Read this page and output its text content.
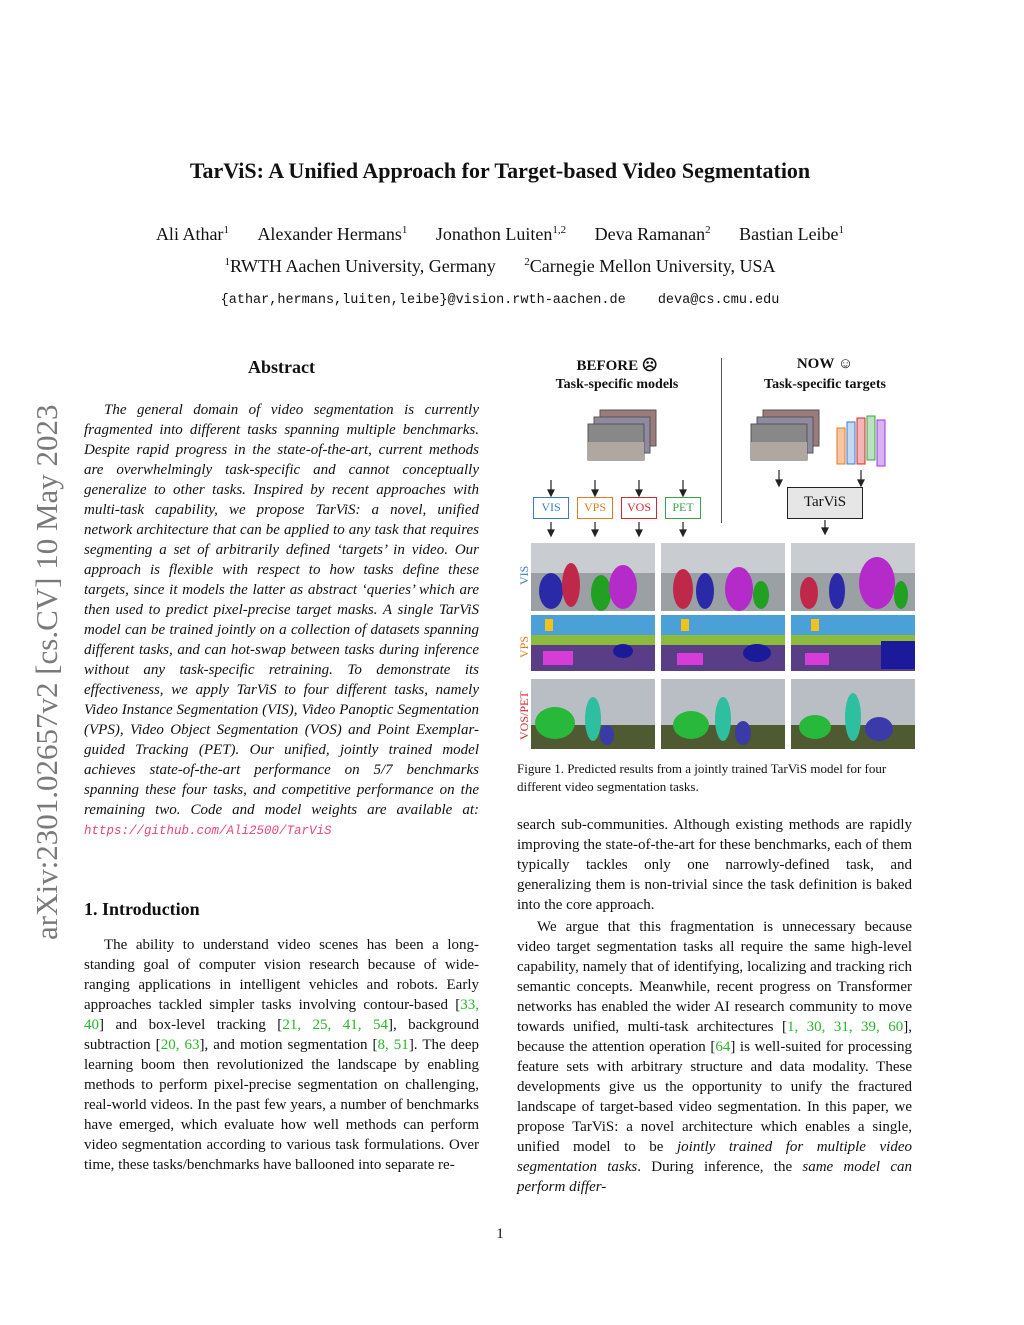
TarViS: A Unified Approach for Target-based Video Segmentation
Ali Athar$^1$ Alexander Hermans$^1$ Jonathon Luiten$^{1,2}$ Deva Ramanan$^2$ Bastian Leibe$^1$
$^1$RWTH Aachen University, Germany	$^2$Carnegie Mellon University, USA
{athar,hermans,luiten,leibe}@vision.rwth-aachen.de deva@cs.cmu.edu
arXiv:2301.02657v2 [cs.CV] 10 May 2023
Abstract
The general domain of video segmentation is currently fragmented into different tasks spanning multiple benchmarks. Despite rapid progress in the state-of-the-art, current methods are overwhelmingly task-specific and cannot conceptually generalize to other tasks. Inspired by recent approaches with multi-task capability, we propose TarViS: a novel, unified network architecture that can be applied to any task that requires segmenting a set of arbitrarily defined ‘targets’ in video. Our approach is flexible with respect to how tasks define these targets, since it models the latter as abstract ‘queries’ which are then used to predict pixel-precise target masks. A single TarViS model can be trained jointly on a collection of datasets spanning different tasks, and can hot-swap between tasks during inference without any task-specific retraining. To demonstrate its effectiveness, we apply TarViS to four different tasks, namely Video Instance Segmentation (VIS), Video Panoptic Segmentation (VPS), Video Object Segmentation (VOS) and Point Exemplar-guided Tracking (PET). Our unified, jointly trained model achieves state-of-the-art performance on 5/7 benchmarks spanning these four tasks, and competitive performance on the remaining two. Code and model weights are available at: https://github.com/Ali2500/TarViS
1. Introduction
The ability to understand video scenes has been a long-standing goal of computer vision research because of wide-ranging applications in intelligent vehicles and robots. Early approaches tackled simpler tasks involving contour-based [33, 40] and box-level tracking [21, 25, 41, 54], background subtraction [20, 63], and motion segmentation [8, 51]. The deep learning boom then revolutionized the landscape by enabling methods to perform pixel-precise segmentation on challenging, real-world videos. In the past few years, a number of benchmarks have emerged, which evaluate how well methods can perform video segmentation according to various task formulations. Over time, these tasks/benchmarks have ballooned into separate re-
BEFORE ☹
Task-specific models
NOW ☺
Task-specific targets
VIS	VPS	VOS	PET	TarViS
VIS
VPS
VOS/PET
Figure 1. Predicted results from a jointly trained TarViS model for four different video segmentation tasks.

search sub-communities. Although existing methods are rapidly improving the state-of-the-art for these benchmarks, each of them typically tackles only one narrowly-defined task, and generalizing them is non-trivial since the task definition is baked into the core approach.

We argue that this fragmentation is unnecessary because video target segmentation tasks all require the same high-level capability, namely that of identifying, localizing and tracking rich semantic concepts. Meanwhile, recent progress on Transformer networks has enabled the wider AI research community to move towards unified, multi-task architectures [1, 30, 31, 39, 60], because the attention operation [64] is well-suited for processing feature sets with arbitrary structure and data modality. These developments give us the opportunity to unify the fractured landscape of target-based video segmentation. In this paper, we propose TarViS: a novel architecture which enables a single, unified model to be jointly trained for multiple video segmentation tasks. During inference, the same model can perform differ-

1
